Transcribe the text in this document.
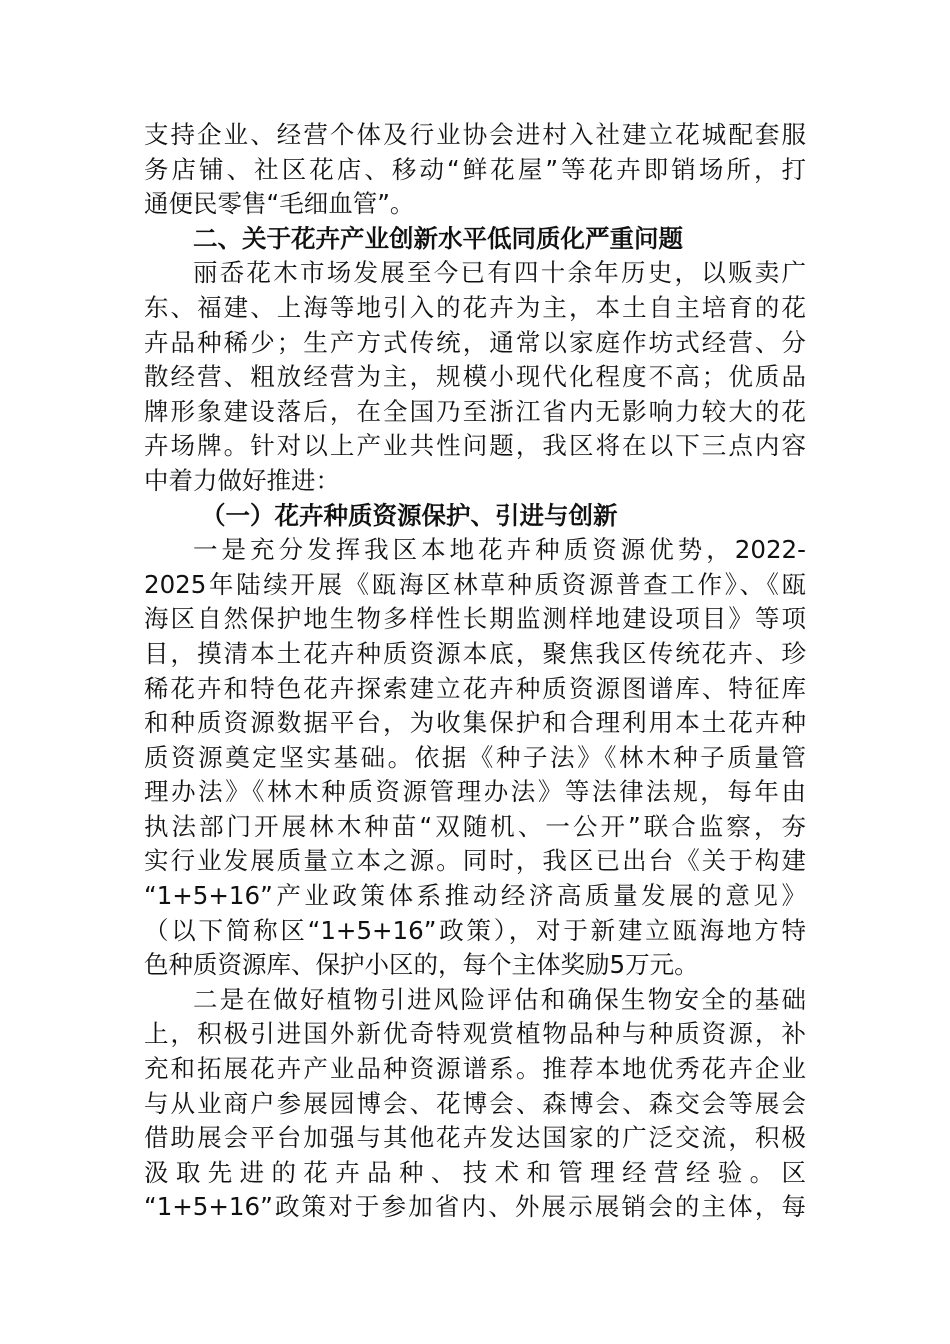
支持企业、经营个体及行业协会进村入社建立花城配套服
务店铺、社区花店、移动“鲜花屋”等花卉即销场所，打
通便民零售“毛细血管”。
二、关于花卉产业创新水平低同质化严重问题
丽岙花木市场发展至今已有四十余年历史，以贩卖广
东、福建、上海等地引入的花卉为主，本土自主培育的花
卉品种稀少；生产方式传统，通常以家庭作坊式经营、分
散经营、粗放经营为主，规模小现代化程度不高；优质品
牌形象建设落后，在全国乃至浙江省内无影响力较大的花
卉场牌。针对以上产业共性问题，我区将在以下三点内容
中着力做好推进：
（一）花卉种质资源保护、引进与创新
一是充分发挥我区本地花卉种质资源优势，2022-
2025年陆续开展《瓯海区林草种质资源普查工作》、《瓯
海区自然保护地生物多样性长期监测样地建设项目》等项
目，摸清本土花卉种质资源本底，聚焦我区传统花卉、珍
稀花卉和特色花卉探索建立花卉种质资源图谱库、特征库
和种质资源数据平台，为收集保护和合理利用本土花卉种
质资源奠定坚实基础。依据《种子法》《林木种子质量管
理办法》《林木种质资源管理办法》等法律法规，每年由
执法部门开展林木种苗“双随机、一公开”联合监察，夯
实行业发展质量立本之源。同时，我区已出台《关于构建
“1+5+16”产业政策体系推动经济高质量发展的意见》
（以下简称区“1+5+16”政策），对于新建立瓯海地方特
色种质资源库、保护小区的，每个主体奖励5万元。
二是在做好植物引进风险评估和确保生物安全的基础
上，积极引进国外新优奇特观赏植物品种与种质资源，补
充和拓展花卉产业品种资源谱系。推荐本地优秀花卉企业
与从业商户参展园博会、花博会、森博会、森交会等展会
借助展会平台加强与其他花卉发达国家的广泛交流，积极
汲取先进的花卉品种、技术和管理经营经验。区
“1+5+16”政策对于参加省内、外展示展销会的主体，每
